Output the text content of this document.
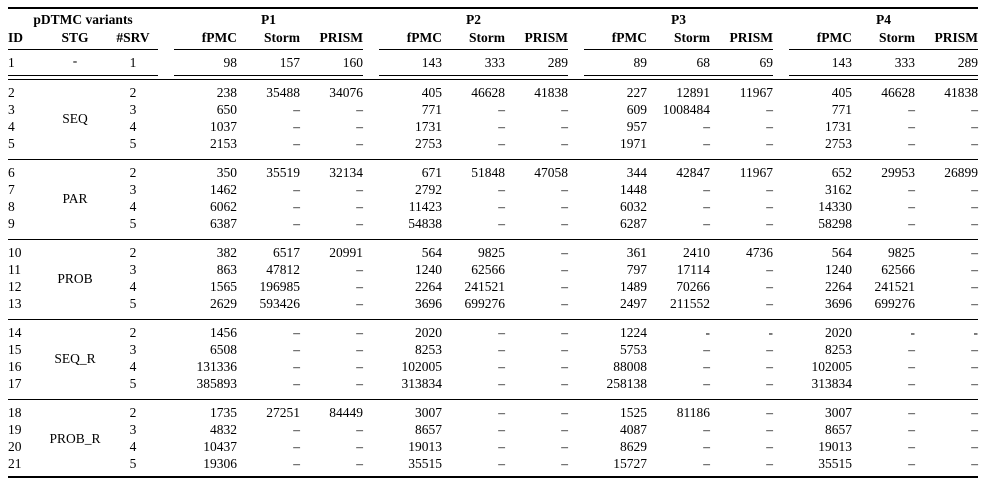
pDTMC variants				P1				P2				P3				P4		
ID	STG	#SRV		fPMC	Storm	PRISM		fPMC	Storm	PRISM		fPMC	Storm	PRISM		fPMC	Storm	PRISM
1	-	1		98	157	160		143	333	289		89	68	69		143	333	289

2	SEQ	2		238	35488	34076		405	46628	41838		227	12891	11967		405	46628	41838
3		3		650	–	–		771	–	–		609	1008484	–		771	–	–
4		4		1037	–	–		1731	–	–		957	–	–		1731	–	–
5		5		2153	–	–		2753	–	–		1971	–	–		2753	–	–

6	PAR	2		350	35519	32134		671	51848	47058		344	42847	11967		652	29953	26899
7		3		1462	–	–		2792	–	–		1448	–	–		3162	–	–
8		4		6062	–	–		11423	–	–		6032	–	–		14330	–	–
9		5		6387	–	–		54838	–	–		6287	–	–		58298	–	–

10	PROB	2		382	6517	20991		564	9825	–		361	2410	4736		564	9825	–
11		3		863	47812	–		1240	62566	–		797	17114	–		1240	62566	–
12		4		1565	196985	–		2264	241521	–		1489	70266	–		2264	241521	–
13		5		2629	593426	–		3696	699276	–		2497	211552	–		3696	699276	–

14	SEQ_R	2		1456	–	–		2020	–	–		1224	-	-		2020	-	-
15		3		6508	–	–		8253	–	–		5753	–	–		8253	–	–
16		4		131336	–	–		102005	–	–		88008	–	–		102005	–	–
17		5		385893	–	–		313834	–	–		258138	–	–		313834	–	–

18	PROB_R	2		1735	27251	84449		3007	–	–		1525	81186	–		3007	–	–
19		3		4832	–	–		8657	–	–		4087	–	–		8657	–	–
20		4		10437	–	–		19013	–	–		8629	–	–		19013	–	–
21		5		19306	–	–		35515	–	–		15727	–	–		35515	–	–
